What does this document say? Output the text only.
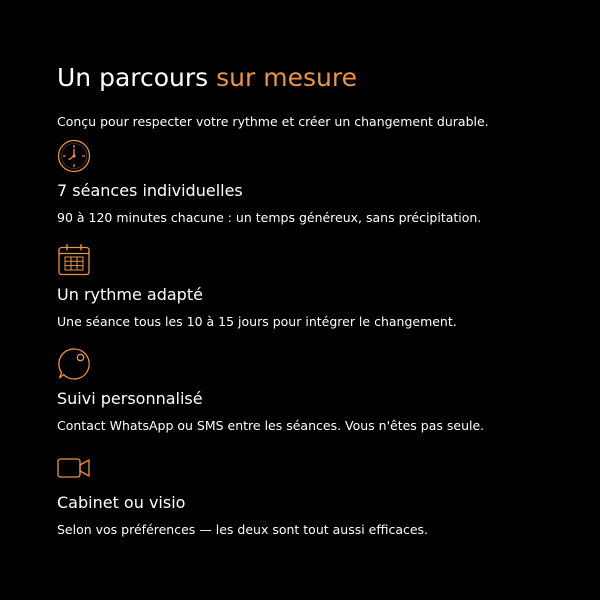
Un parcours sur mesure

Conçu pour respecter votre rythme et créer un changement durable.

7 séances individuelles
90 à 120 minutes chacune : un temps généreux, sans précipitation.
Un rythme adapté
Une séance tous les 10 à 15 jours pour intégrer le changement.
Suivi personnalisé
Contact WhatsApp ou SMS entre les séances. Vous n'êtes pas seule.
Cabinet ou visio
Selon vos préférences — les deux sont tout aussi efficaces.
